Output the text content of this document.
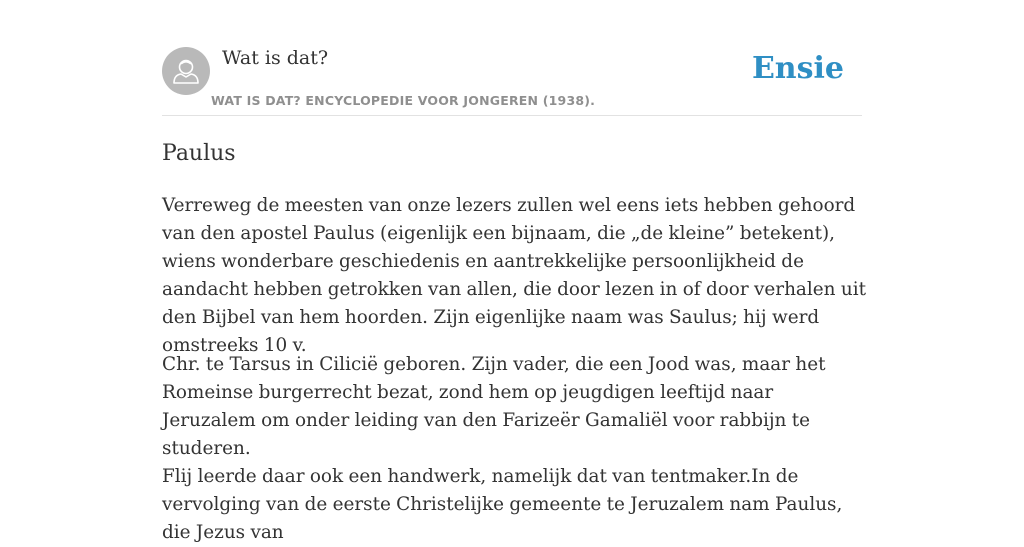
Wat is dat?
WAT IS DAT? ENCYCLOPEDIE VOOR JONGEREN (1938).
Ensie
Paulus

Verreweg de meesten van onze lezers zullen wel eens iets hebben gehoord van den apostel Paulus (eigenlijk een bijnaam, die „de kleine” betekent), wiens wonderbare geschiedenis en aantrekkelijke persoonlijkheid de aandacht hebben getrokken van allen, die door lezen in of door verhalen uit den Bijbel van hem hoorden. Zijn eigenlijke naam was Saulus; hij werd omstreeks 10 v.

Chr. te Tarsus in Cilicië geboren. Zijn vader, die een Jood was, maar het Romeinse burgerrecht bezat, zond hem op jeugdigen leeftijd naar Jeruzalem om onder leiding van den Farizeër Gamaliël voor rabbijn te studeren.

Flij leerde daar ook een handwerk, namelijk dat van tentmaker.In de vervolging van de eerste Christelijke gemeente te Jeruzalem nam Paulus, die Jezus van
